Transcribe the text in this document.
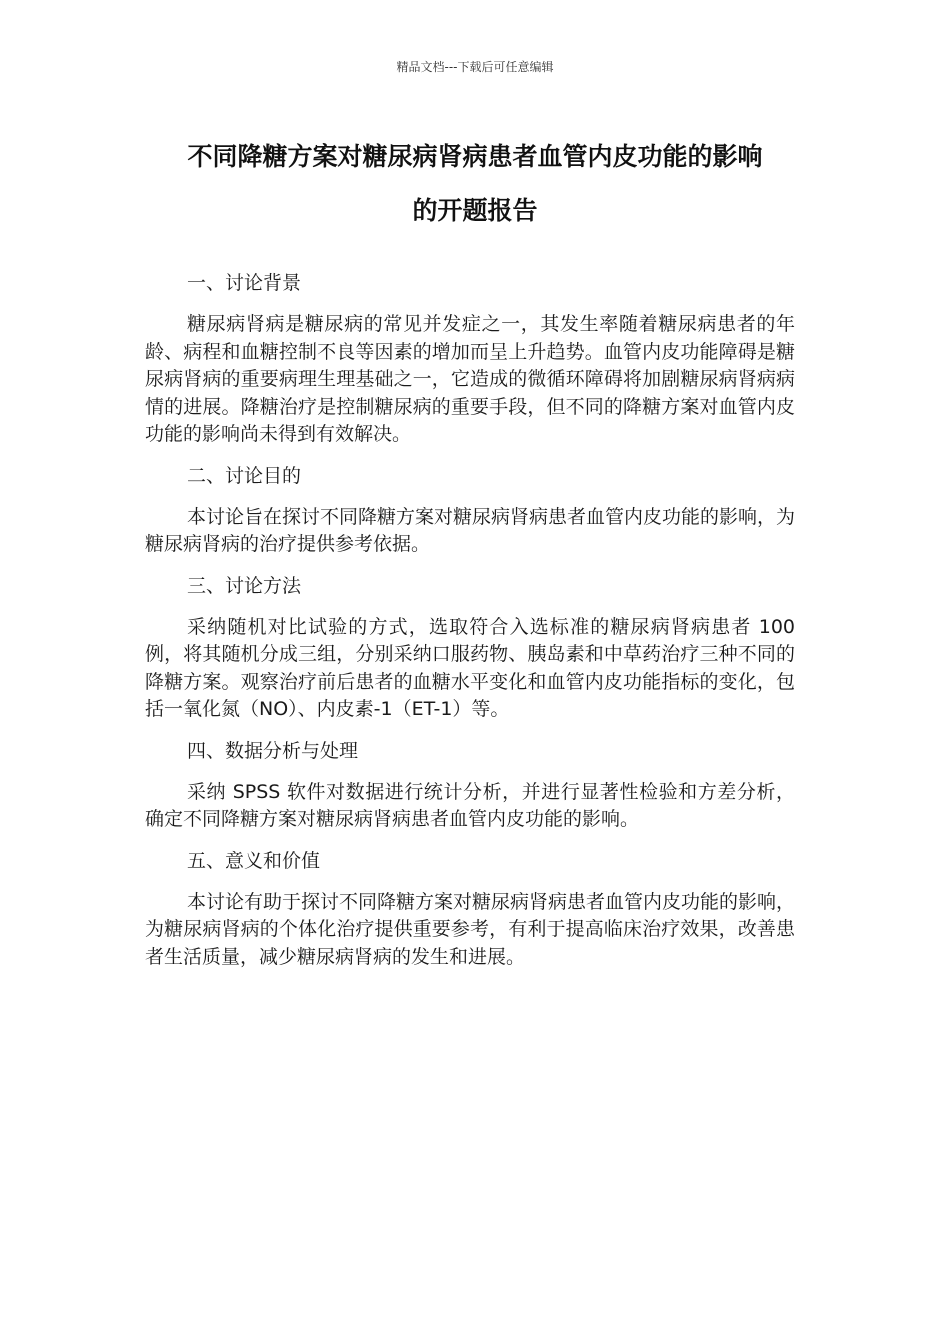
精品文档---下载后可任意编辑
不同降糖方案对糖尿病肾病患者血管内皮功能的影响
的开题报告

一、讨论背景

糖尿病肾病是糖尿病的常见并发症之一，其发生率随着糖尿病患者的年龄、病程和血糖控制不良等因素的增加而呈上升趋势。血管内皮功能障碍是糖尿病肾病的重要病理生理基础之一，它造成的微循环障碍将加剧糖尿病肾病病情的进展。降糖治疗是控制糖尿病的重要手段，但不同的降糖方案对血管内皮功能的影响尚未得到有效解决。

二、讨论目的

本讨论旨在探讨不同降糖方案对糖尿病肾病患者血管内皮功能的影响，为糖尿病肾病的治疗提供参考依据。

三、讨论方法

采纳随机对比试验的方式，选取符合入选标准的糖尿病肾病患者 100 例，将其随机分成三组，分别采纳口服药物、胰岛素和中草药治疗三种不同的降糖方案。观察治疗前后患者的血糖水平变化和血管内皮功能指标的变化，包括一氧化氮（NO）、内皮素-1（ET-1）等。

四、数据分析与处理

采纳 SPSS 软件对数据进行统计分析，并进行显著性检验和方差分析，确定不同降糖方案对糖尿病肾病患者血管内皮功能的影响。

五、意义和价值

本讨论有助于探讨不同降糖方案对糖尿病肾病患者血管内皮功能的影响，为糖尿病肾病的个体化治疗提供重要参考，有利于提高临床治疗效果，改善患者生活质量，减少糖尿病肾病的发生和进展。
